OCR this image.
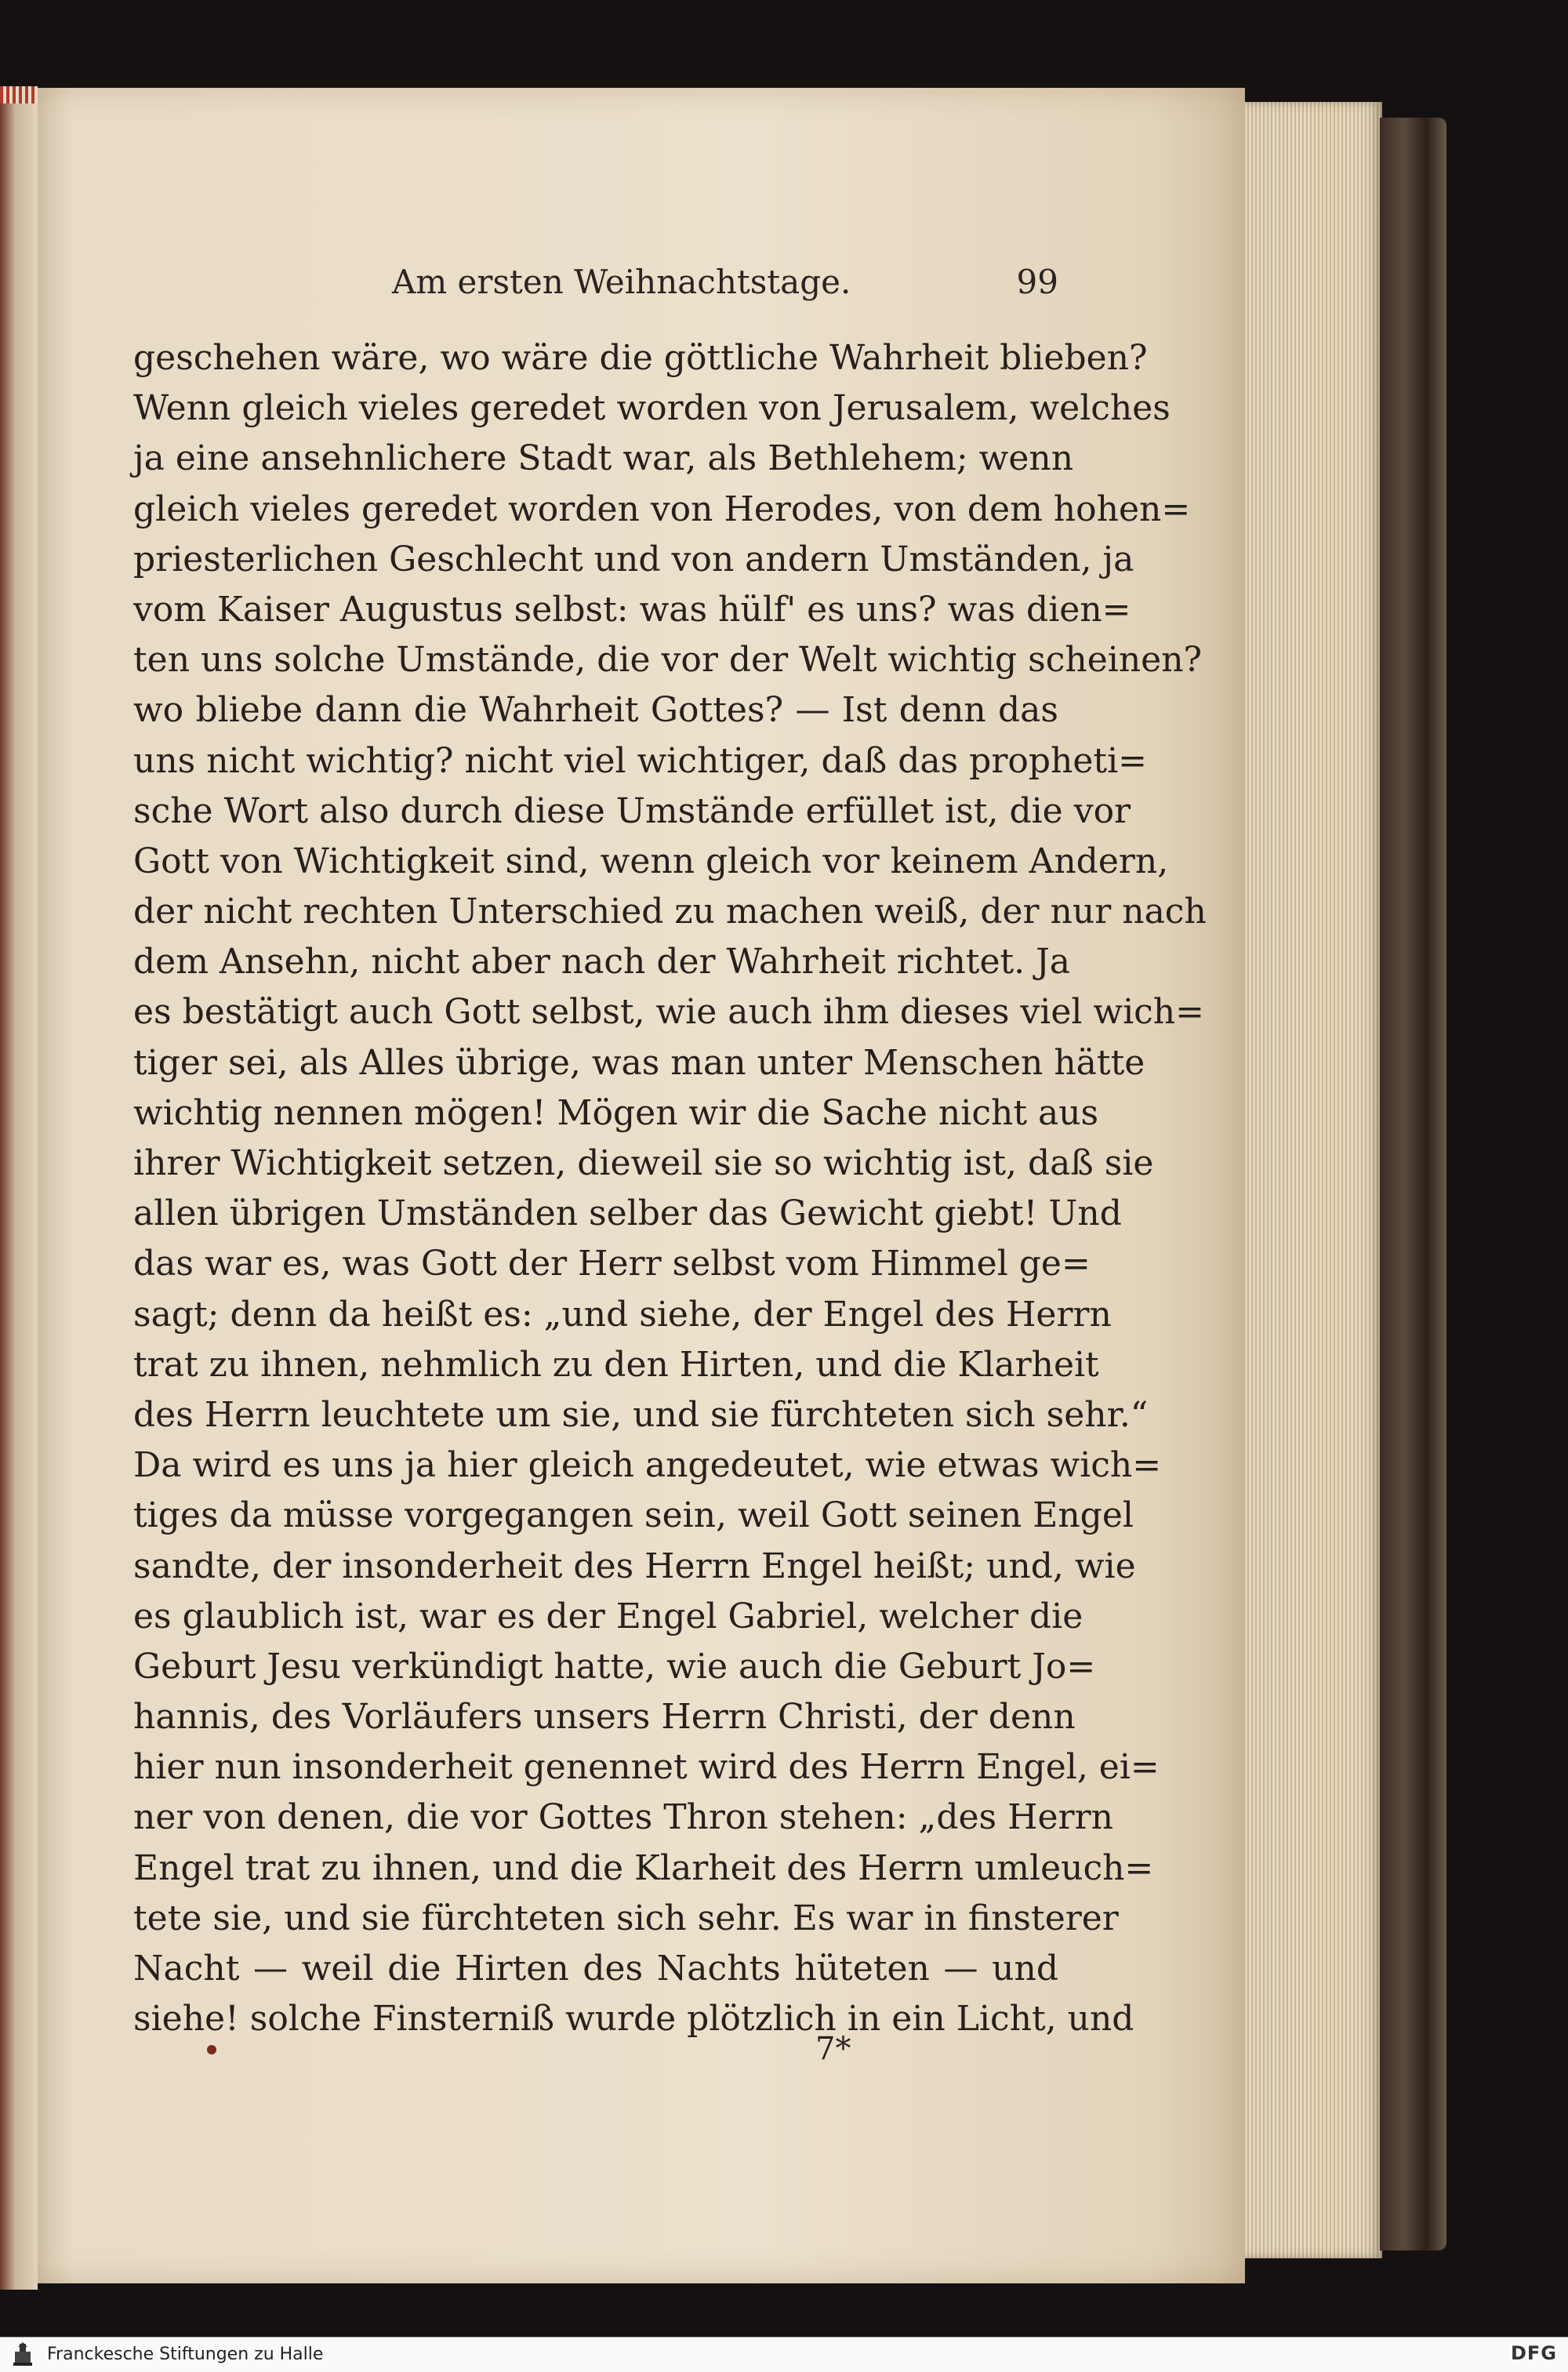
Am ersten Weihnachtstage.	99
geschehen wäre, wo wäre die göttliche Wahrheit blieben?
Wenn gleich vieles geredet worden von Jerusalem, welches
ja eine ansehnlichere Stadt war, als Bethlehem; wenn
gleich vieles geredet worden von Herodes, von dem hohen=
priesterlichen Geschlecht und von andern Umständen, ja
vom Kaiser Augustus selbst: was hülf' es uns? was dien=
ten uns solche Umstände, die vor der Welt wichtig scheinen?
wo bliebe dann die Wahrheit Gottes? — Ist denn das
uns nicht wichtig? nicht viel wichtiger, daß das propheti=
sche Wort also durch diese Umstände erfüllet ist, die vor
Gott von Wichtigkeit sind, wenn gleich vor keinem Andern,
der nicht rechten Unterschied zu machen weiß, der nur nach
dem Ansehn, nicht aber nach der Wahrheit richtet. Ja
es bestätigt auch Gott selbst, wie auch ihm dieses viel wich=
tiger sei, als Alles übrige, was man unter Menschen hätte
wichtig nennen mögen! Mögen wir die Sache nicht aus
ihrer Wichtigkeit setzen, dieweil sie so wichtig ist, daß sie
allen übrigen Umständen selber das Gewicht giebt! Und
das war es, was Gott der Herr selbst vom Himmel ge=
sagt; denn da heißt es: „und siehe, der Engel des Herrn
trat zu ihnen, nehmlich zu den Hirten, und die Klarheit
des Herrn leuchtete um sie, und sie fürchteten sich sehr.“
Da wird es uns ja hier gleich angedeutet, wie etwas wich=
tiges da müsse vorgegangen sein, weil Gott seinen Engel
sandte, der insonderheit des Herrn Engel heißt; und, wie
es glaublich ist, war es der Engel Gabriel, welcher die
Geburt Jesu verkündigt hatte, wie auch die Geburt Jo=
hannis, des Vorläufers unsers Herrn Christi, der denn
hier nun insonderheit genennet wird des Herrn Engel, ei=
ner von denen, die vor Gottes Thron stehen: „des Herrn
Engel trat zu ihnen, und die Klarheit des Herrn umleuch=
tete sie, und sie fürchteten sich sehr. Es war in finsterer
Nacht — weil die Hirten des Nachts hüteten — und
siehe! solche Finsterniß wurde plötzlich in ein Licht, und
7*
Franckesche Stiftungen zu Halle	DFG
